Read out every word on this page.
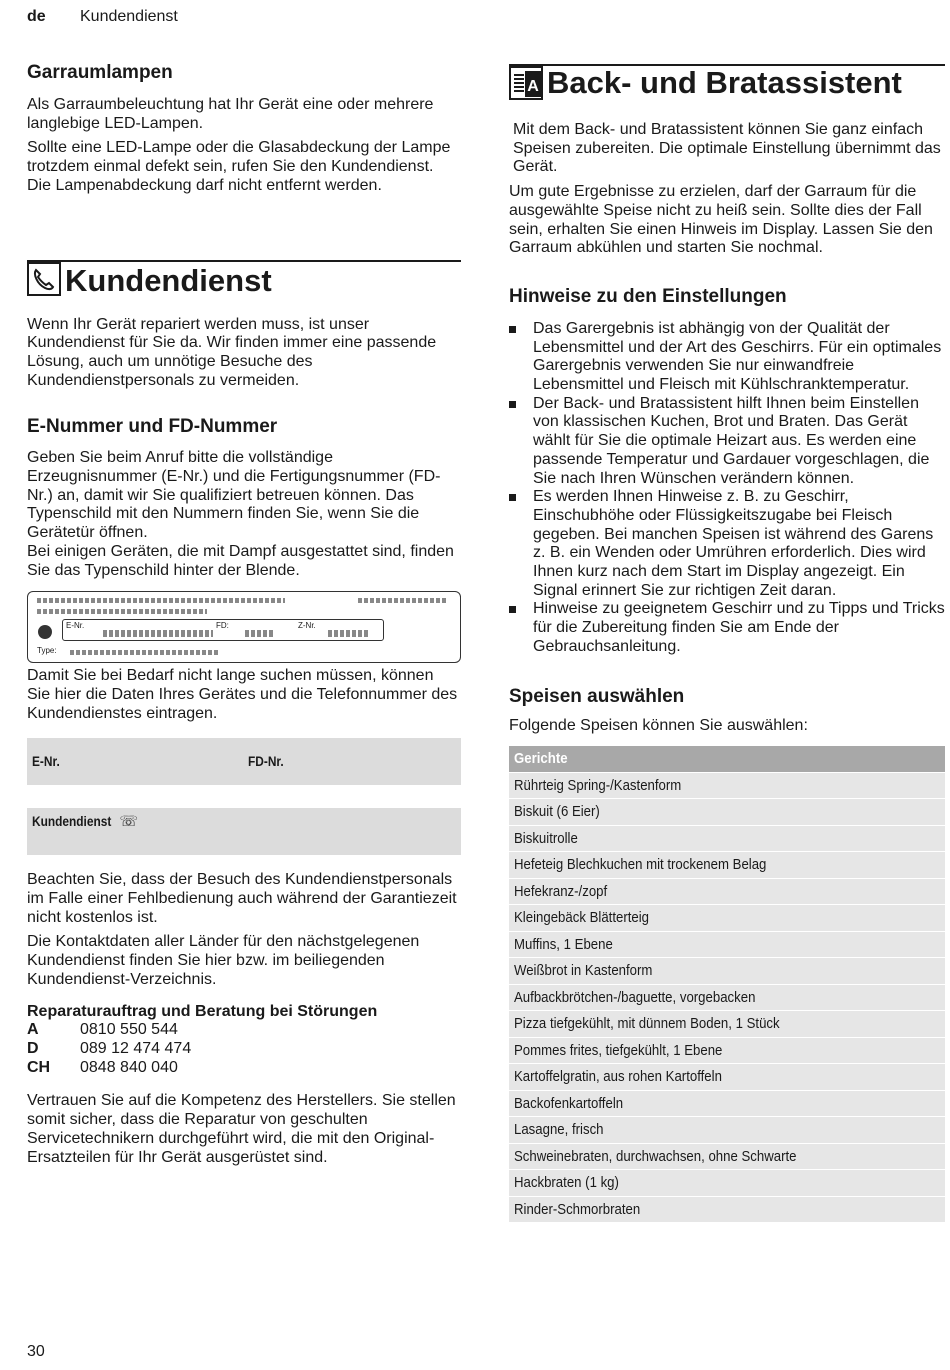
de Kundendienst
Garraumlampen

Als Garraumbeleuchtung hat Ihr Gerät eine oder mehrere langlebige LED-Lampen.

Sollte eine LED-Lampe oder die Glasabdeckung der Lampe trotzdem einmal defekt sein, rufen Sie den Kundendienst. Die Lampenabdeckung darf nicht entfernt werden.

Kundendienst

Wenn Ihr Gerät repariert werden muss, ist unser Kundendienst für Sie da. Wir finden immer eine passende Lösung, auch um unnötige Besuche des Kundendienstpersonals zu vermeiden.

E-Nummer und FD-Nummer

Geben Sie beim Anruf bitte die vollständige Erzeugnisnummer (E-Nr.) und die Fertigungsnummer (FD-Nr.) an, damit wir Sie qualifiziert betreuen können. Das Typenschild mit den Nummern finden Sie, wenn Sie die Gerätetür öffnen.

Bei einigen Geräten, die mit Dampf ausgestattet sind, finden Sie das Typenschild hinter der Blende.

E-Nr.	FD:	Z-Nr.
Type:

Damit Sie bei Bedarf nicht lange suchen müssen, können Sie hier die Daten Ihres Gerätes und die Telefonnummer des Kundendienstes eintragen.

E-Nr.	FD-Nr.
Kundendienst ☏

Beachten Sie, dass der Besuch des Kundendienstpersonals im Falle einer Fehlbedienung auch während der Garantiezeit nicht kostenlos ist.

Die Kontaktdaten aller Länder für den nächstgelegenen Kundendienst finden Sie hier bzw. im beiliegenden Kundendienst-Verzeichnis.

Reparaturauftrag und Beratung bei Störungen
A	0810 550 544
D	089 12 474 474
CH	0848 840 040

Vertrauen Sie auf die Kompetenz des Herstellers. Sie stellen somit sicher, dass die Reparatur von geschulten Servicetechnikern durchgeführt wird, die mit den Original-Ersatzteilen für Ihr Gerät ausgerüstet sind.

A Back- und Bratassistent

Mit dem Back- und Bratassistent können Sie ganz einfach Speisen zubereiten. Die optimale Einstellung übernimmt das Gerät.

Um gute Ergebnisse zu erzielen, darf der Garraum für die ausgewählte Speise nicht zu heiß sein. Sollte dies der Fall sein, erhalten Sie einen Hinweis im Display. Lassen Sie den Garraum abkühlen und starten Sie nochmal.

Hinweise zu den Einstellungen
Das Garergebnis ist abhängig von der Qualität der Lebensmittel und der Art des Geschirrs. Für ein optimales Garergebnis verwenden Sie nur einwandfreie Lebensmittel und Fleisch mit Kühlschranktemperatur.
Der Back- und Bratassistent hilft Ihnen beim Einstellen von klassischen Kuchen, Brot und Braten. Das Gerät wählt für Sie die optimale Heizart aus. Es werden eine passende Temperatur und Gardauer vorgeschlagen, die Sie nach Ihren Wünschen verändern können.
Es werden Ihnen Hinweise z. B. zu Geschirr, Einschubhöhe oder Flüssigkeitszugabe bei Fleisch gegeben. Bei manchen Speisen ist während des Garens z. B. ein Wenden oder Umrühren erforderlich. Dies wird Ihnen kurz nach dem Start im Display angezeigt. Ein Signal erinnert Sie zur richtigen Zeit daran.
Hinweise zu geeignetem Geschirr und zu Tipps und Tricks für die Zubereitung finden Sie am Ende der Gebrauchsanleitung.
Speisen auswählen

Folgende Speisen können Sie auswählen:

Gerichte
Rührteig Spring-/Kastenform
Biskuit (6 Eier)
Biskuitrolle
Hefeteig Blechkuchen mit trockenem Belag
Hefekranz-/zopf
Kleingebäck Blätterteig
Muffins, 1 Ebene
Weißbrot in Kastenform
Aufbackbrötchen-/baguette, vorgebacken
Pizza tiefgekühlt, mit dünnem Boden, 1 Stück
Pommes frites, tiefgekühlt, 1 Ebene
Kartoffelgratin, aus rohen Kartoffeln
Backofenkartoffeln
Lasagne, frisch
Schweinebraten, durchwachsen, ohne Schwarte
Hackbraten (1 kg)
Rinder-Schmorbraten
30
